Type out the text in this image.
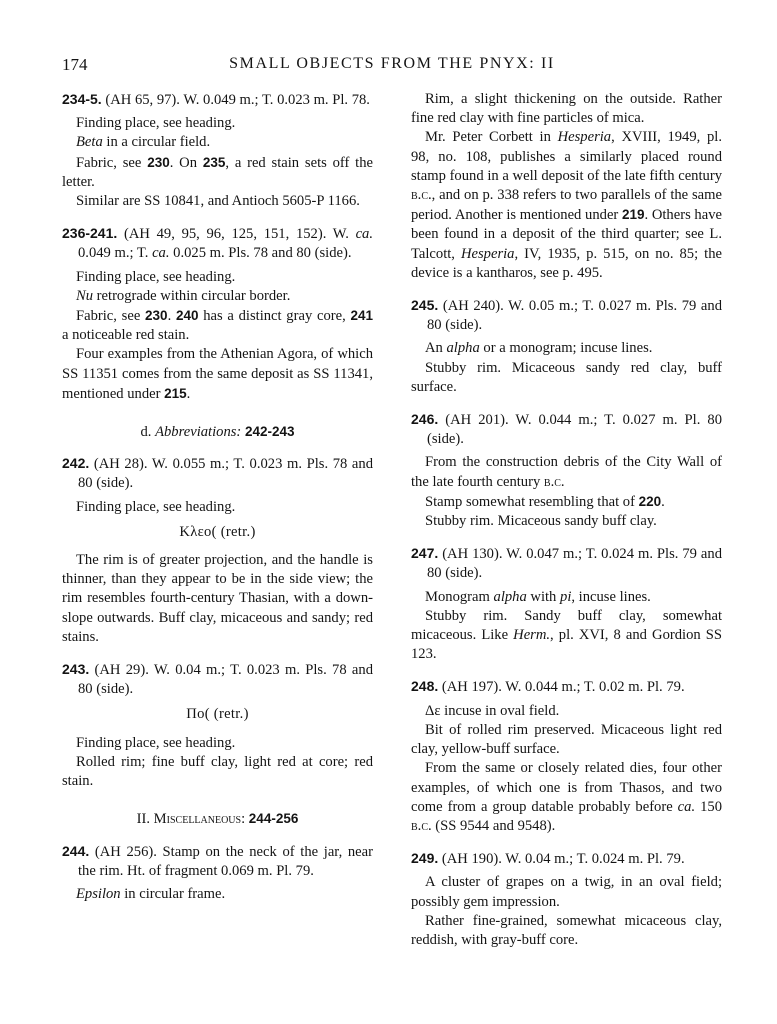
174	SMALL OBJECTS FROM THE PNYX: II

234-5. (AH 65, 97). W. 0.049 m.; T. 0.023 m. Pl. 78.

Finding place, see heading.

Beta in a circular field.

Fabric, see 230. On 235, a red stain sets off the letter.

Similar are SS 10841, and Antioch 5605-P 1166.

236-241. (AH 49, 95, 96, 125, 151, 152). W. ca. 0.049 m.; T. ca. 0.025 m. Pls. 78 and 80 (side).

Finding place, see heading.

Nu retrograde within circular border.

Fabric, see 230. 240 has a distinct gray core, 241 a noticeable red stain.

Four examples from the Athenian Agora, of which SS 11351 comes from the same deposit as SS 11341, mentioned under 215.

d. Abbreviations: 242-243

242. (AH 28). W. 0.055 m.; T. 0.023 m. Pls. 78 and 80 (side).

Finding place, see heading.

Κλεο( (retr.)

The rim is of greater projection, and the handle is thinner, than they appear to be in the side view; the rim resembles fourth-century Thasian, with a down-slope outwards. Buff clay, micaceous and sandy; red stains.

243. (AH 29). W. 0.04 m.; T. 0.023 m. Pls. 78 and 80 (side).

Πο( (retr.)

Finding place, see heading.

Rolled rim; fine buff clay, light red at core; red stain.

II. Miscellaneous: 244-256

244. (AH 256). Stamp on the neck of the jar, near the rim. Ht. of fragment 0.069 m. Pl. 79.

Epsilon in circular frame.

Rim, a slight thickening on the outside. Rather fine red clay with fine particles of mica.

Mr. Peter Corbett in Hesperia, XVIII, 1949, pl. 98, no. 108, publishes a similarly placed round stamp found in a well deposit of the late fifth century b.c., and on p. 338 refers to two parallels of the same period. Another is mentioned under 219. Others have been found in a deposit of the third quarter; see L. Talcott, Hesperia, IV, 1935, p. 515, on no. 85; the device is a kantharos, see p. 495.

245. (AH 240). W. 0.05 m.; T. 0.027 m. Pls. 79 and 80 (side).

An alpha or a monogram; incuse lines.

Stubby rim. Micaceous sandy red clay, buff surface.

246. (AH 201). W. 0.044 m.; T. 0.027 m. Pl. 80 (side).

From the construction debris of the City Wall of the late fourth century b.c.

Stamp somewhat resembling that of 220.

Stubby rim. Micaceous sandy buff clay.

247. (AH 130). W. 0.047 m.; T. 0.024 m. Pls. 79 and 80 (side).

Monogram alpha with pi, incuse lines.

Stubby rim. Sandy buff clay, somewhat micaceous. Like Herm., pl. XVI, 8 and Gordion SS 123.

248. (AH 197). W. 0.044 m.; T. 0.02 m. Pl. 79.

Δε incuse in oval field.

Bit of rolled rim preserved. Micaceous light red clay, yellow-buff surface.

From the same or closely related dies, four other examples, of which one is from Thasos, and two come from a group datable probably before ca. 150 b.c. (SS 9544 and 9548).

249. (AH 190). W. 0.04 m.; T. 0.024 m. Pl. 79.

A cluster of grapes on a twig, in an oval field; possibly gem impression.

Rather fine-grained, somewhat micaceous clay, reddish, with gray-buff core.
